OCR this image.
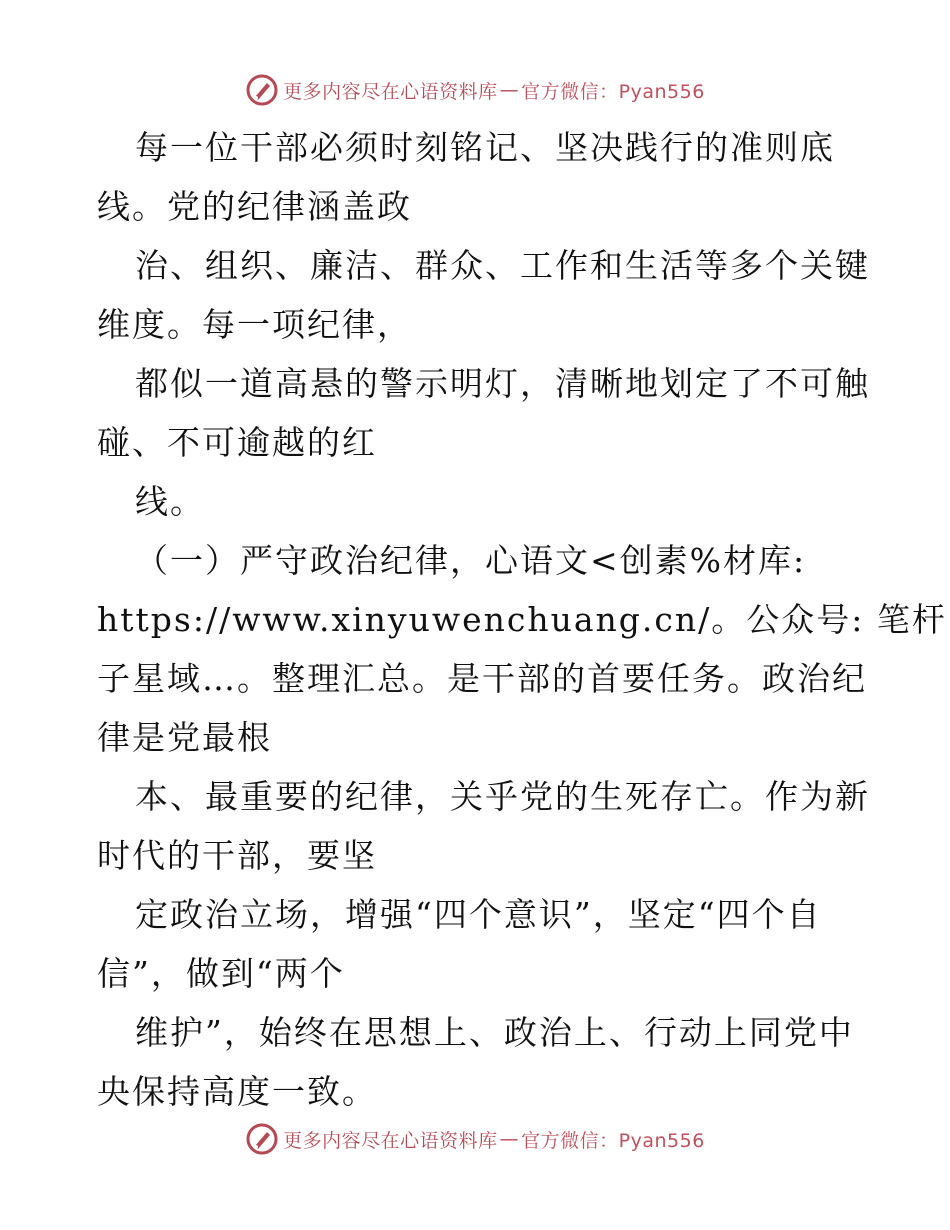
更多内容尽在心语资料库 — 官方微信：Pyan556
每一位干部必须时刻铭记、坚决践行的准则底
线。党的纪律涵盖政
治、组织、廉洁、群众、工作和生活等多个关键
维度。每一项纪律，
都似一道高悬的警示明灯，清晰地划定了不可触
碰、不可逾越的红
线。
（一）严守政治纪律，心语文<创素%材库:
https://www.xinyuwenchuang.cn/。公众号: 笔杆
子星域…。整理汇总。是干部的首要任务。政治纪
律是党最根
本、最重要的纪律，关乎党的生死存亡。作为新
时代的干部，要坚
定政治立场，增强“四个意识”，坚定“四个自
信”，做到“两个
维护”，始终在思想上、政治上、行动上同党中
央保持高度一致。
更多内容尽在心语资料库 — 官方微信：Pyan556
